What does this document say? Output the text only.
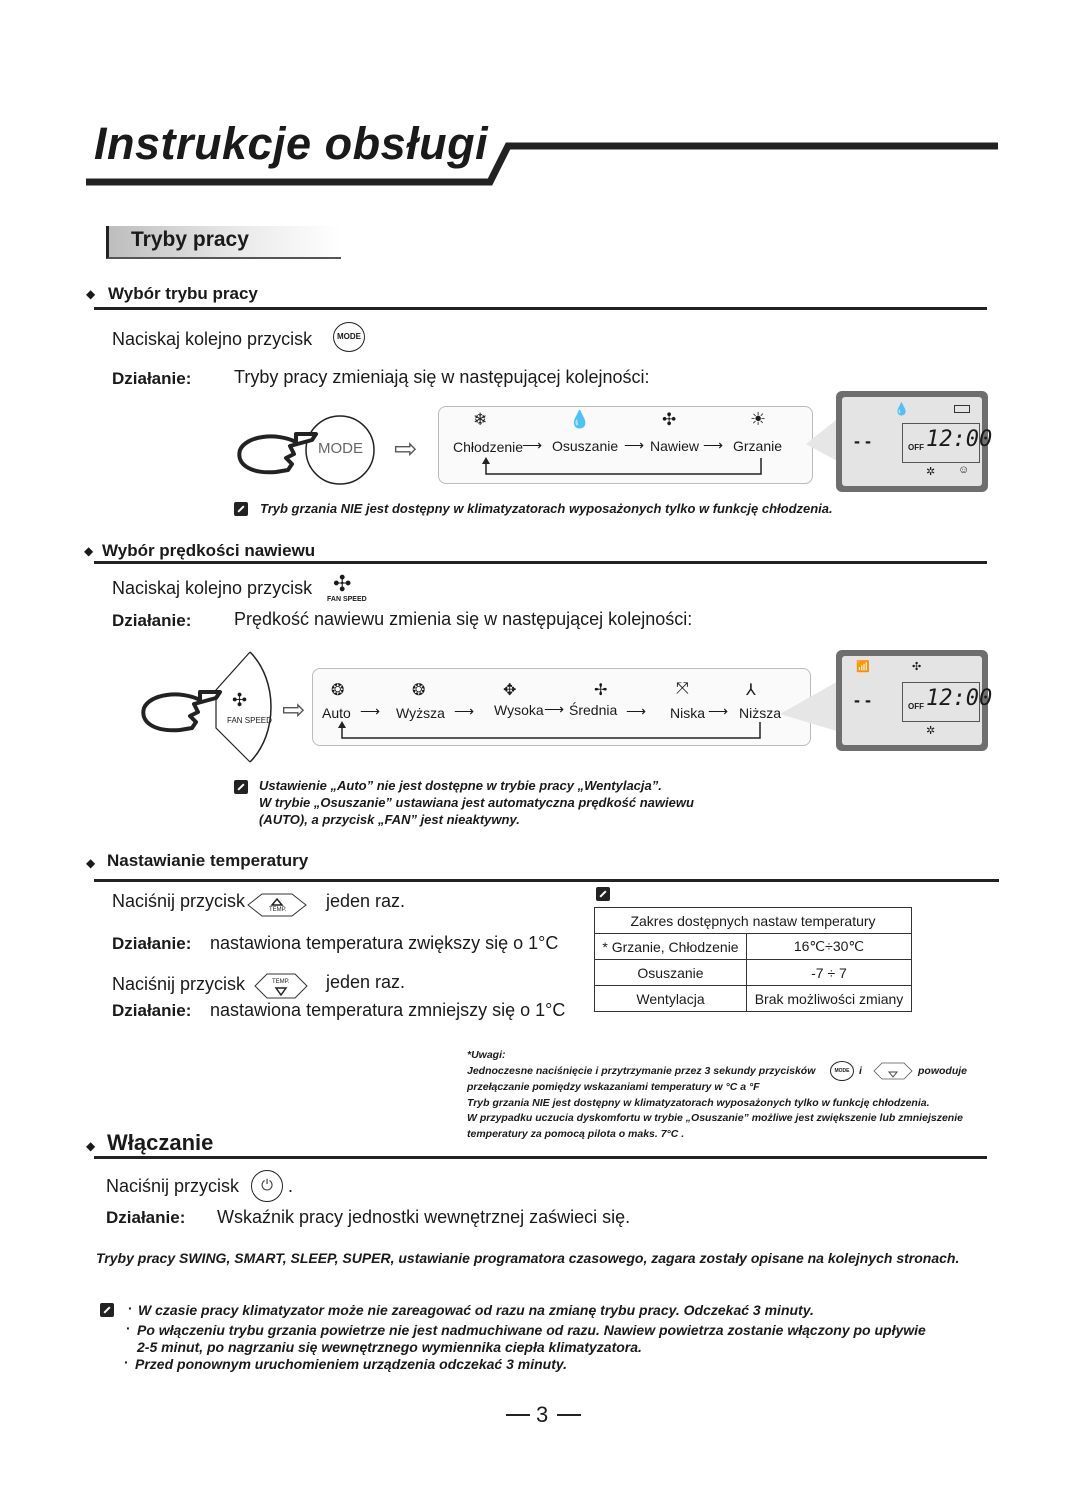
Instrukcje obsługi
Tryby pracy
◆ Wybór trybu pracy
Naciskaj kolejno przycisk	MODE
Działanie: Tryby pracy zmieniają się w następującej kolejności:
MODE ⇨
❄	💧	✣	☀
Chłodzenie
⟶ Osuszanie ⟶ Nawiew ⟶ Grzanie
💧
- -	OFF 12:00
✲ ☺
Tryb grzania NIE jest dostępny w klimatyzatorach wyposażonych tylko w funkcję chłodzenia.
◆ Wybór prędkości nawiewu
Naciskaj kolejno przycisk ✣
FAN SPEED
Działanie: Prędkość nawiewu zmienia się w następującej kolejności:
✣
FAN SPEED ⇨
❂	❂	✥	✢	⤧	⅄
Auto ⟶ Wyższa ⟶ Wysoka ⟶ Średnia ⟶ Niska ⟶ Niższa
📶	✣
- -	OFF 12:00
✲
Ustawienie „Auto” nie jest dostępne w trybie pracy „Wentylacja”.
W trybie „Osuszanie” ustawiana jest automatyczna prędkość nawiewu
(AUTO), a przycisk „FAN” jest nieaktywny.
◆ Nastawianie temperatury
Naciśnij przycisk	TEMP. jeden raz.
Działanie: nastawiona temperatura zwiększy się o 1°C
Naciśnij przycisk	TEMP. jeden raz.
Działanie: nastawiona temperatura zmniejszy się o 1°C
Zakres dostępnych nastaw temperatury	
* Grzanie, Chłodzenie	16℃÷30℃
Osuszanie	-7 ÷ 7
Wentylacja	Brak możliwości zmiany
*Uwagi:
Jednoczesne naciśnięcie i przytrzymanie przez 3 sekundy przycisków	MODE i	powoduje
przełączanie pomiędzy wskazaniami temperatury w °C a °F
Tryb grzania NIE jest dostępny w klimatyzatorach wyposażonych tylko w funkcję chłodzenia.
W przypadku uczucia dyskomfortu w trybie „Osuszanie” możliwe jest zwiększenie lub zmniejszenie
temperatury za pomocą pilota o maks. 7°C .
◆ Włączanie
Naciśnij przycisk	⏻ .
Działanie: Wskaźnik pracy jednostki wewnętrznej zaświeci się.
Tryby pracy SWING, SMART, SLEEP, SUPER, ustawianie programatora czasowego, zagara zostały opisane na kolejnych stronach.
· W czasie pracy klimatyzator może nie zareagować od razu na zmianę trybu pracy. Odczekać 3 minuty.
· Po włączeniu trybu grzania powietrze nie jest nadmuchiwane od razu. Nawiew powietrza zostanie włączony po upływie 2-5 minut, po nagrzaniu się wewnętrznego wymiennika ciepła klimatyzatora.
· Przed ponownym uruchomieniem urządzenia odczekać 3 minuty.
3
